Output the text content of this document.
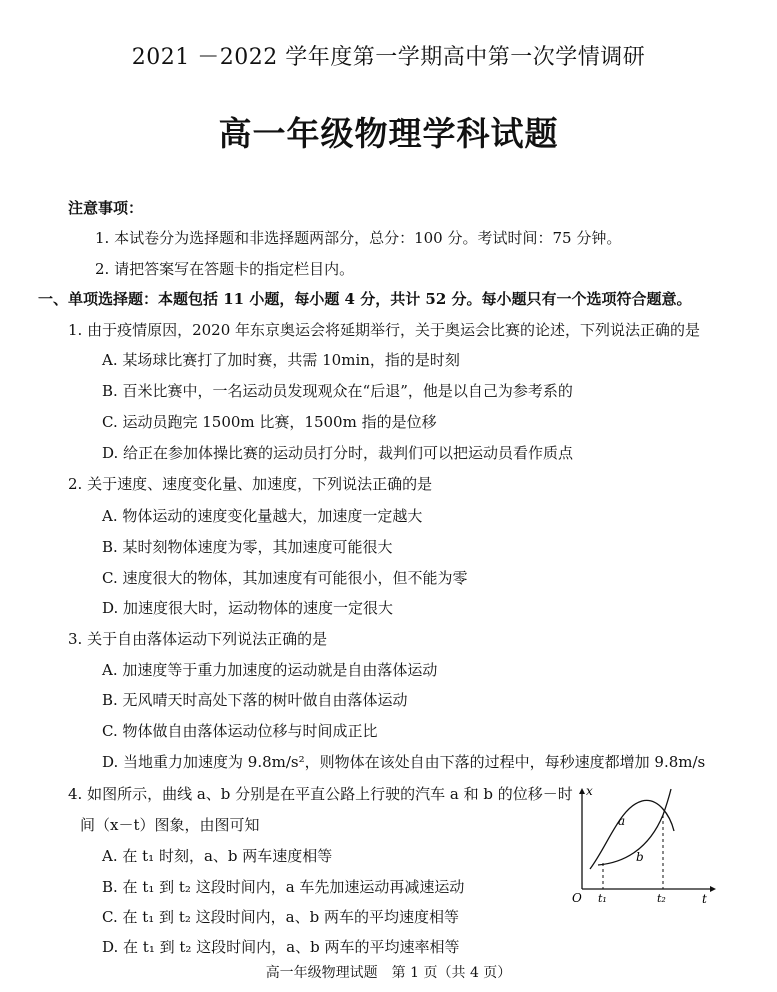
2021 －2022 学年度第一学期高中第一次学情调研
高一年级物理学科试题
注意事项：
1. 本试卷分为选择题和非选择题两部分，总分：100 分。考试时间：75 分钟。
2. 请把答案写在答题卡的指定栏目内。
一、单项选择题：本题包括 11 小题，每小题 4 分，共计 52 分。每小题只有一个选项符合题意。
1. 由于疫情原因，2020 年东京奥运会将延期举行，关于奥运会比赛的论述，下列说法正确的是
A. 某场球比赛打了加时赛，共需 10min，指的是时刻
B. 百米比赛中，一名运动员发现观众在“后退”，他是以自己为参考系的
C. 运动员跑完 1500m 比赛，1500m 指的是位移
D. 给正在参加体操比赛的运动员打分时，裁判们可以把运动员看作质点
2. 关于速度、速度变化量、加速度，下列说法正确的是
A. 物体运动的速度变化量越大，加速度一定越大
B. 某时刻物体速度为零，其加速度可能很大
C. 速度很大的物体，其加速度有可能很小，但不能为零
D. 加速度很大时，运动物体的速度一定很大
3. 关于自由落体运动下列说法正确的是
A. 加速度等于重力加速度的运动就是自由落体运动
B. 无风晴天时高处下落的树叶做自由落体运动
C. 物体做自由落体运动位移与时间成正比
D. 当地重力加速度为 9.8m/s²，则物体在该处自由下落的过程中，每秒速度都增加 9.8m/s
4. 如图所示，曲线 a、b 分别是在平直公路上行驶的汽车 a 和 b 的位移－时
间（x－t）图象，由图可知
A. 在 t₁ 时刻，a、b 两车速度相等
B. 在 t₁ 到 t₂ 这段时间内，a 车先加速运动再减速运动
C. 在 t₁ 到 t₂ 这段时间内，a、b 两车的平均速度相等
D. 在 t₁ 到 t₂ 这段时间内，a、b 两车的平均速率相等
O
x
t
a
b
t₁	t₂
高一年级物理试题　第 1 页（共 4 页）
